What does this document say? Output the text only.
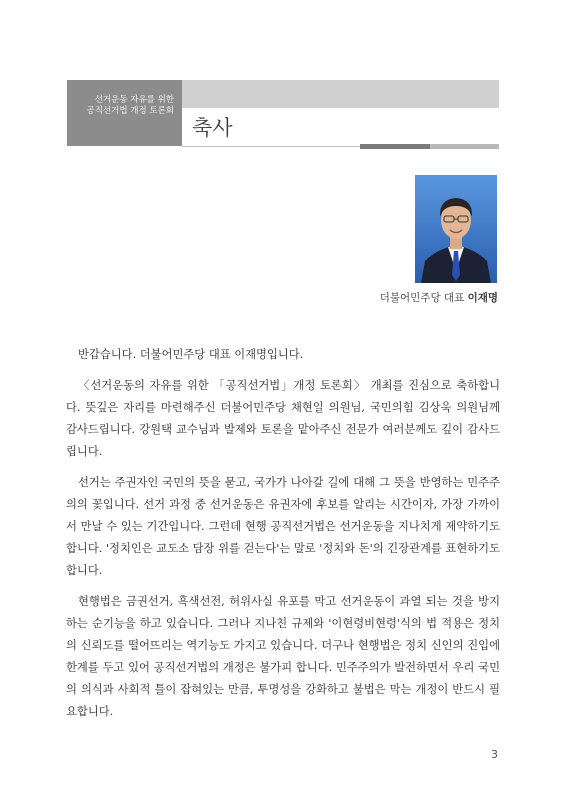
선거운동 자유를 위한
공직선거법 개정 토론회
축사
더불어민주당 대표 이재명

반갑습니다. 더불어민주당 대표 이재명입니다.

〈선거운동의 자유를 위한 「공직선거법」개정 토론회〉 개최를 진심으로 축하합니다. 뜻깊은 자리를 마련해주신 더불어민주당 채현일 의원님, 국민의힘 김상욱 의원님께 감사드립니다. 강원택 교수님과 발제와 토론을 맡아주신 전문가 여러분께도 깊이 감사드립니다.

선거는 주권자인 국민의 뜻을 묻고, 국가가 나아갈 길에 대해 그 뜻을 반영하는 민주주의의 꽃입니다. 선거 과정 중 선거운동은 유권자에 후보를 알리는 시간이자, 가장 가까이서 만날 수 있는 기간입니다. 그런데 현행 공직선거법은 선거운동을 지나치게 제약하기도 합니다. '정치인은 교도소 담장 위를 걷는다'는 말로 '정치와 돈'의 긴장관계를 표현하기도 합니다.

현행법은 금권선거, 흑색선전, 허위사실 유포를 막고 선거운동이 과열 되는 것을 방지하는 순기능을 하고 있습니다. 그러나 지나친 규제와 '이현령비현령'식의 법 적용은 정치의 신뢰도를 떨어뜨리는 역기능도 가지고 있습니다. 더구나 현행법은 정치 신인의 진입에 한계를 두고 있어 공직선거법의 개정은 불가피 합니다. 민주주의가 발전하면서 우리 국민의 의식과 사회적 틀이 잡혀있는 만큼, 투명성을 강화하고 불법은 막는 개정이 반드시 필요합니다.

3
